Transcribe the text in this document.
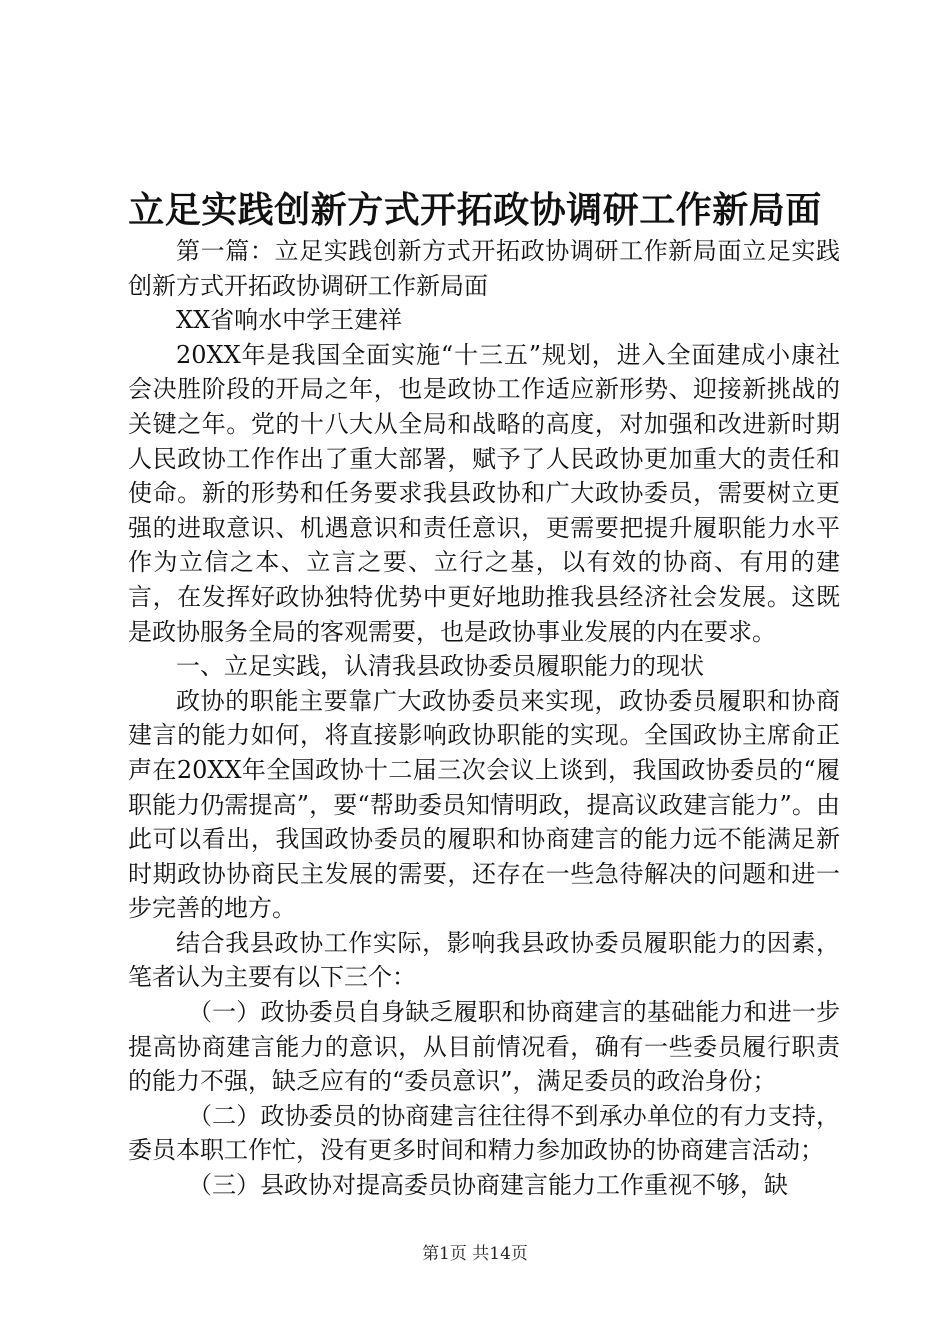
立足实践创新方式开拓政协调研工作新局面

第一篇：立足实践创新方式开拓政协调研工作新局面立足实践创新方式开拓政协调研工作新局面

XX省响水中学王建祥

20XX年是我国全面实施“十三五”规划，进入全面建成小康社会决胜阶段的开局之年，也是政协工作适应新形势、迎接新挑战的关键之年。党的十八大从全局和战略的高度，对加强和改进新时期人民政协工作作出了重大部署，赋予了人民政协更加重大的责任和使命。新的形势和任务要求我县政协和广大政协委员，需要树立更强的进取意识、机遇意识和责任意识，更需要把提升履职能力水平作为立信之本、立言之要、立行之基，以有效的协商、有用的建言，在发挥好政协独特优势中更好地助推我县经济社会发展。这既是政协服务全局的客观需要，也是政协事业发展的内在要求。

一、立足实践，认清我县政协委员履职能力的现状

政协的职能主要靠广大政协委员来实现，政协委员履职和协商建言的能力如何，将直接影响政协职能的实现。全国政协主席俞正声在20XX年全国政协十二届三次会议上谈到，我国政协委员的“履职能力仍需提高”，要“帮助委员知情明政，提高议政建言能力”。由此可以看出，我国政协委员的履职和协商建言的能力远不能满足新时期政协协商民主发展的需要，还存在一些急待解决的问题和进一步完善的地方。

结合我县政协工作实际，影响我县政协委员履职能力的因素，笔者认为主要有以下三个：

（一）政协委员自身缺乏履职和协商建言的基础能力和进一步提高协商建言能力的意识，从目前情况看，确有一些委员履行职责的能力不强，缺乏应有的“委员意识”，满足委员的政治身份；

（二）政协委员的协商建言往往得不到承办单位的有力支持，委员本职工作忙，没有更多时间和精力参加政协的协商建言活动；

（三）县政协对提高委员协商建言能力工作重视不够，缺

第1页 共14页
